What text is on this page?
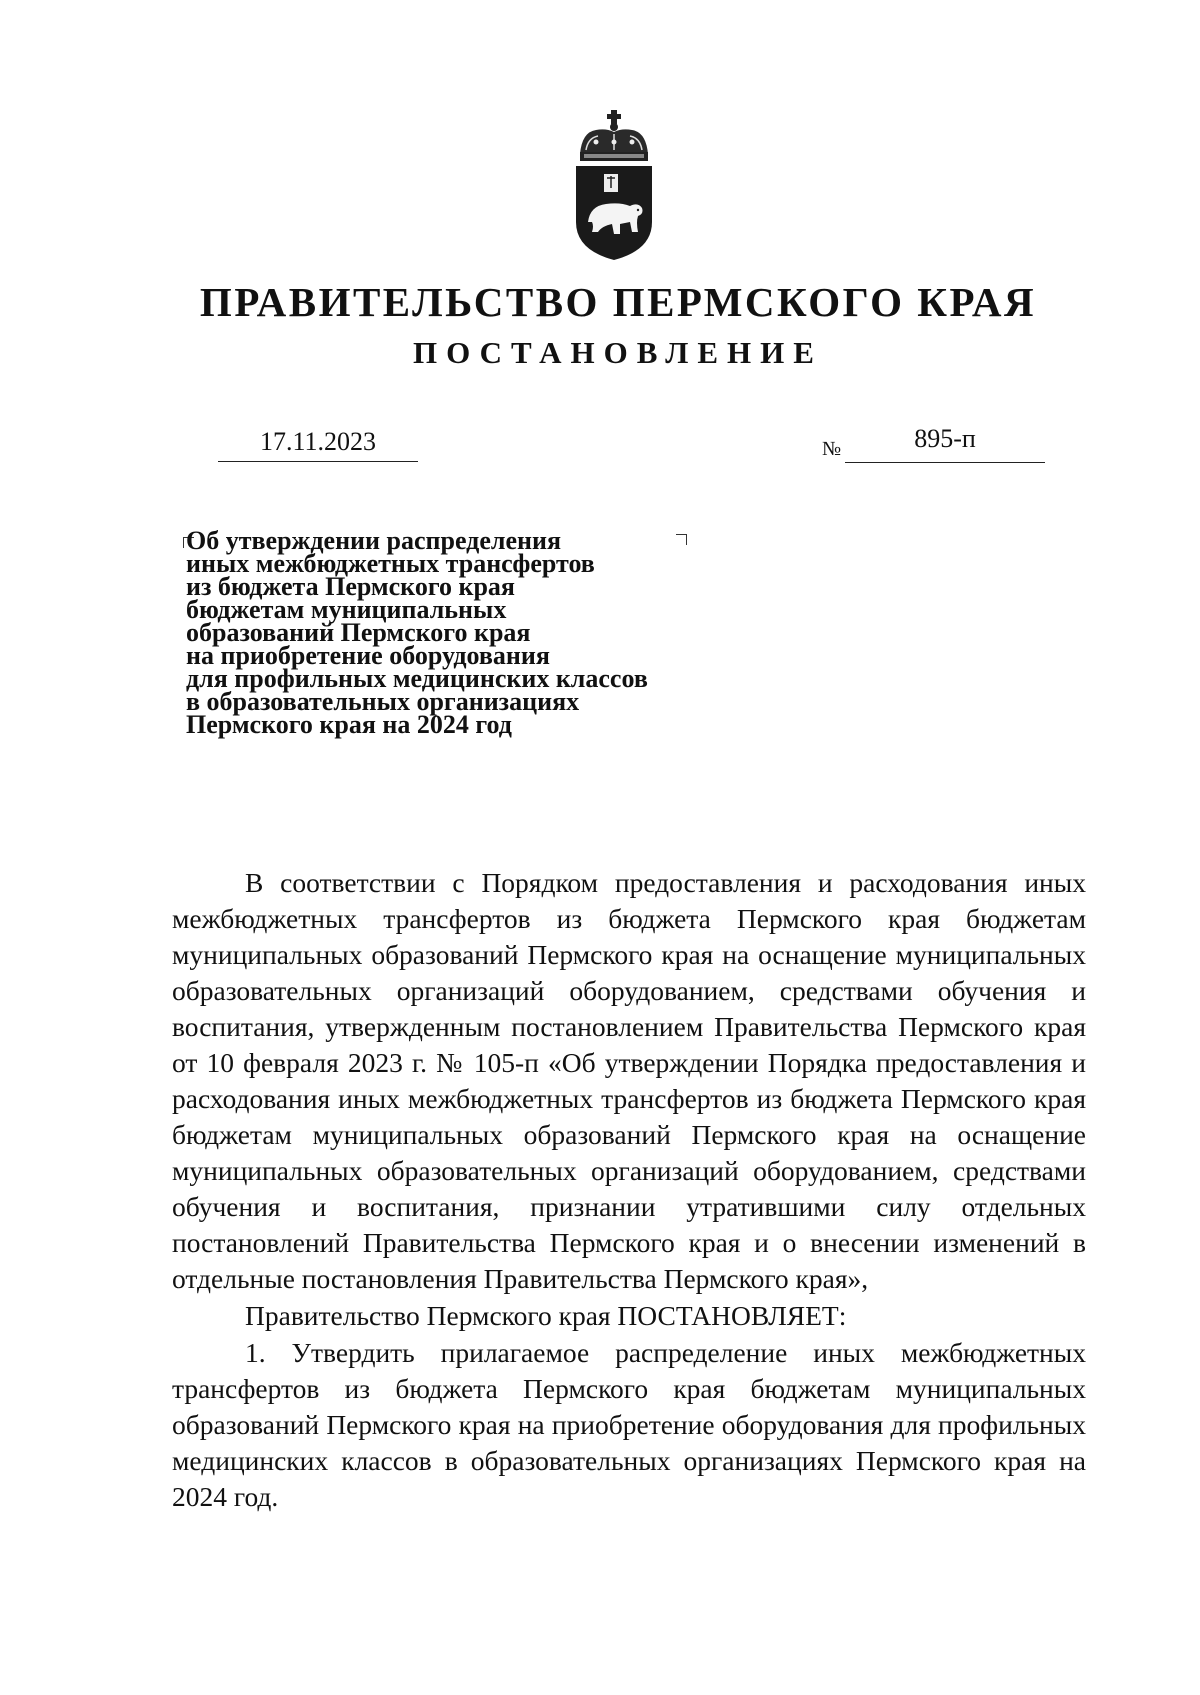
ПРАВИТЕЛЬСТВО ПЕРМСКОГО КРАЯ
ПОСТАНОВЛЕНИЕ
17.11.2023	№	895-п
Об утверждении распределения
иных межбюджетных трансфертов
из бюджета Пермского края
бюджетам муниципальных
образований Пермского края
на приобретение оборудования
для профильных медицинских классов
в образовательных организациях
Пермского края на 2024 год

В соответствии с Порядком предоставления и расходования иных межбюджетных трансфертов из бюджета Пермского края бюджетам муниципальных образований Пермского края на оснащение муниципальных образовательных организаций оборудованием, средствами обучения и воспитания, утвержденным постановлением Правительства Пермского края от 10 февраля 2023 г. № 105-п «Об утверждении Порядка предоставления и расходования иных межбюджетных трансфертов из бюджета Пермского края бюджетам муниципальных образований Пермского края на оснащение муниципальных образовательных организаций оборудованием, средствами обучения и воспитания, признании утратившими силу отдельных постановлений Правительства Пермского края и о внесении изменений в отдельные постановления Правительства Пермского края»,

Правительство Пермского края ПОСТАНОВЛЯЕТ:

1. Утвердить прилагаемое распределение иных межбюджетных трансфертов из бюджета Пермского края бюджетам муниципальных образований Пермского края на приобретение оборудования для профильных медицинских классов в образовательных организациях Пермского края на 2024 год.
